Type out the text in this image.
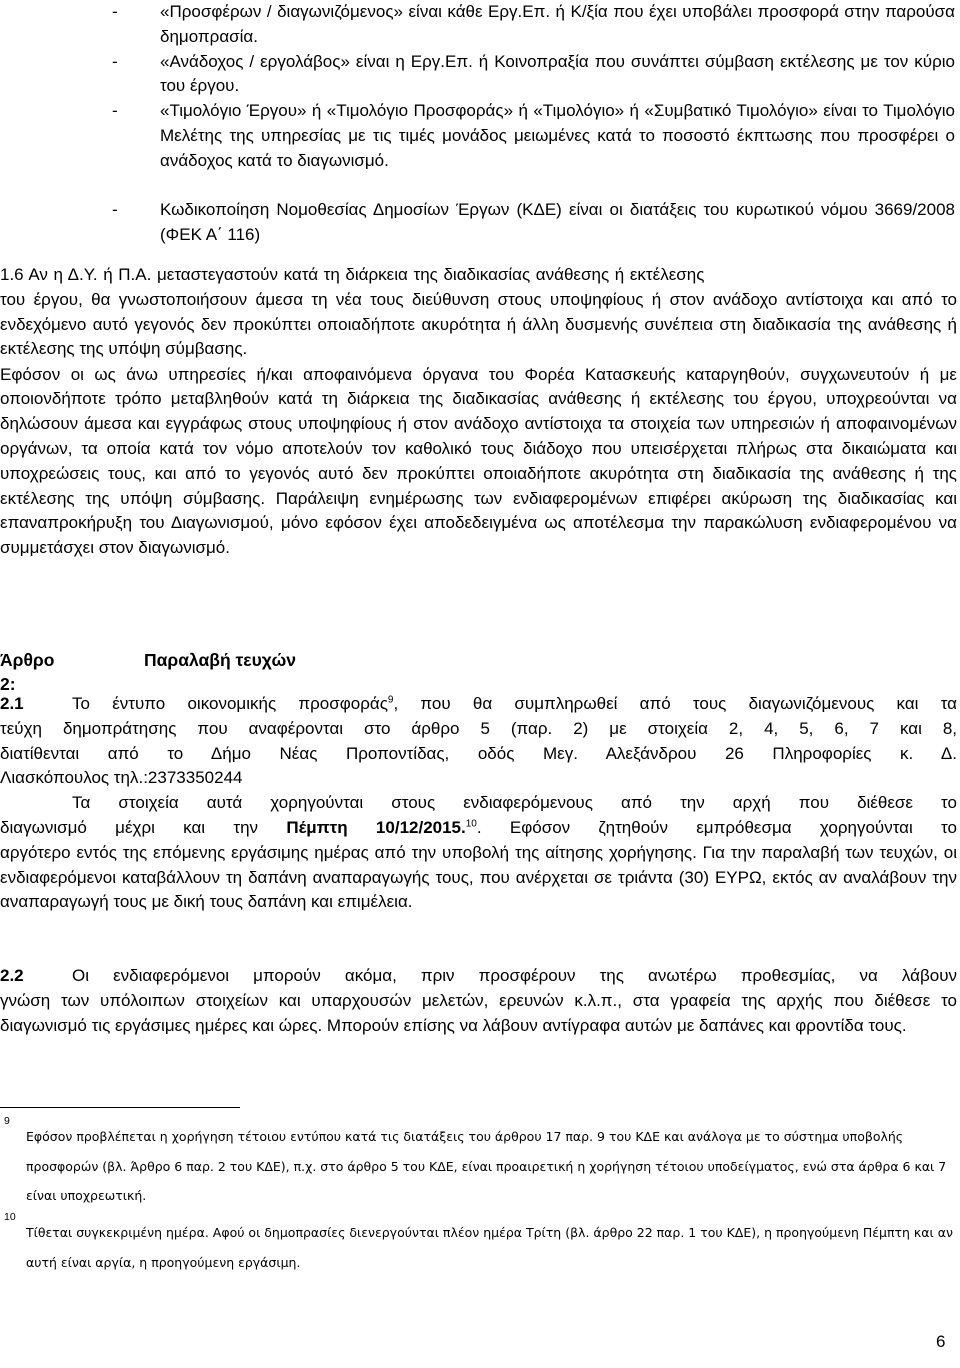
-	«Προσφέρων / διαγωνιζόμενος» είναι κάθε Εργ.Επ. ή Κ/ξία που έχει υποβάλει προσφορά στην παρούσα δημοπρασία.
-	«Ανάδοχος / εργολάβος» είναι η Εργ.Επ. ή Κοινοπραξία που συνάπτει σύμβαση εκτέλεσης με τον κύριο του έργου.
-	«Τιμολόγιο Έργου» ή «Τιμολόγιο Προσφοράς» ή «Τιμολόγιο» ή «Συμβατικό Τιμολόγιο» είναι το Τιμολόγιο Μελέτης της υπηρεσίας με τις τιμές μονάδος μειωμένες κατά το ποσοστό έκπτωσης που προσφέρει ο ανάδοχος κατά το διαγωνισμό.
-	Κωδικοποίηση Νομοθεσίας Δημοσίων Έργων (ΚΔΕ) είναι οι διατάξεις του κυρωτικού νόμου 3669/2008 (ΦΕΚ Α΄ 116)
1.6 Αν η Δ.Υ. ή Π.Α. μεταστεγαστούν κατά τη διάρκεια της διαδικασίας ανάθεσης ή εκτέλεσης
του έργου, θα γνωστοποιήσουν άμεσα τη νέα τους διεύθυνση στους υποψηφίους ή στον ανάδοχο αντίστοιχα και από το ενδεχόμενο αυτό γεγονός δεν προκύπτει οποιαδήποτε ακυρότητα ή άλλη δυσμενής συνέπεια στη διαδικασία της ανάθεσης ή εκτέλεσης της υπόψη σύμβασης.
Εφόσον οι ως άνω υπηρεσίες ή/και αποφαινόμενα όργανα του Φορέα Κατασκευής καταργηθούν, συγχωνευτούν ή με οποιονδήποτε τρόπο μεταβληθούν κατά τη διάρκεια της διαδικασίας ανάθεσης ή εκτέλεσης του έργου, υποχρεούνται να δηλώσουν άμεσα και εγγράφως στους υποψηφίους ή στον ανάδοχο αντίστοιχα τα στοιχεία των υπηρεσιών ή αποφαινομένων οργάνων, τα οποία κατά τον νόμο αποτελούν τον καθολικό τους διάδοχο που υπεισέρχεται πλήρως στα δικαιώματα και υποχρεώσεις τους, και από το γεγονός αυτό δεν προκύπτει οποιαδήποτε ακυρότητα στη διαδικασία της ανάθεσης ή της εκτέλεσης της υπόψη σύμβασης. Παράλειψη ενημέρωσης των ενδιαφερομένων επιφέρει ακύρωση της διαδικασίας και επαναπροκήρυξη του Διαγωνισμού, μόνο εφόσον έχει αποδεδειγμένα ως αποτέλεσμα την παρακώλυση ενδιαφερομένου να συμμετάσχει στον διαγωνισμό.
Άρθρο 2:
Παραλαβή τευχών
2.1	Το έντυπο οικονομικής προσφοράς$^9$, που θα συμπληρωθεί από τους διαγωνιζόμενους και τα
τεύχη δημοπράτησης που αναφέρονται στο άρθρο 5 (παρ. 2) με στοιχεία 2, 4, 5, 6, 7 και 8,
διατίθενται από το Δήμο Νέας Προποντίδας, οδός Μεγ. Αλεξάνδρου 26 Πληροφορίες κ. Δ.
Λιασκόπουλος τηλ.:2373350244
Τα στοιχεία αυτά χορηγούνται στους ενδιαφερόμενους από την αρχή που διέθεσε το
διαγωνισμό μέχρι και την Πέμπτη 10/12/2015.10. Εφόσον ζητηθούν εμπρόθεσμα χορηγούνται το
αργότερο εντός της επόμενης εργάσιμης ημέρας από την υποβολή της αίτησης χορήγησης. Για την παραλαβή των τευχών, οι ενδιαφερόμενοι καταβάλλουν τη δαπάνη αναπαραγωγής τους, που ανέρχεται σε τριάντα (30) ΕΥΡΩ, εκτός αν αναλάβουν την αναπαραγωγή τους με δική τους δαπάνη και επιμέλεια.
2.2	Οι ενδιαφερόμενοι μπορούν ακόμα, πριν προσφέρουν της ανωτέρω προθεσμίας, να λάβουν
γνώση των υπόλοιπων στοιχείων και υπαρχουσών μελετών, ερευνών κ.λ.π., στα γραφεία της αρχής που διέθεσε το διαγωνισμό τις εργάσιμες ημέρες και ώρες. Μπορούν επίσης να λάβουν αντίγραφα αυτών με δαπάνες και φροντίδα τους.
9
Εφόσον προβλέπεται η χορήγηση τέτοιου εντύπου κατά τις διατάξεις του άρθρου 17 παρ. 9 του ΚΔΕ και ανάλογα με το σύστημα υποβολής προσφορών (βλ. Άρθρο 6 παρ. 2 του ΚΔΕ), π.χ. στο άρθρο 5 του ΚΔΕ, είναι προαιρετική η χορήγηση τέτοιου υποδείγματος, ενώ στα άρθρα 6 και 7 είναι υποχρεωτική.
10
Τίθεται συγκεκριμένη ημέρα. Αφού οι δημοπρασίες διενεργούνται πλέον ημέρα Τρίτη (βλ. άρθρο 22 παρ. 1 του ΚΔΕ), η προηγούμενη Πέμπτη και αν αυτή είναι αργία, η προηγούμενη εργάσιμη.
6
